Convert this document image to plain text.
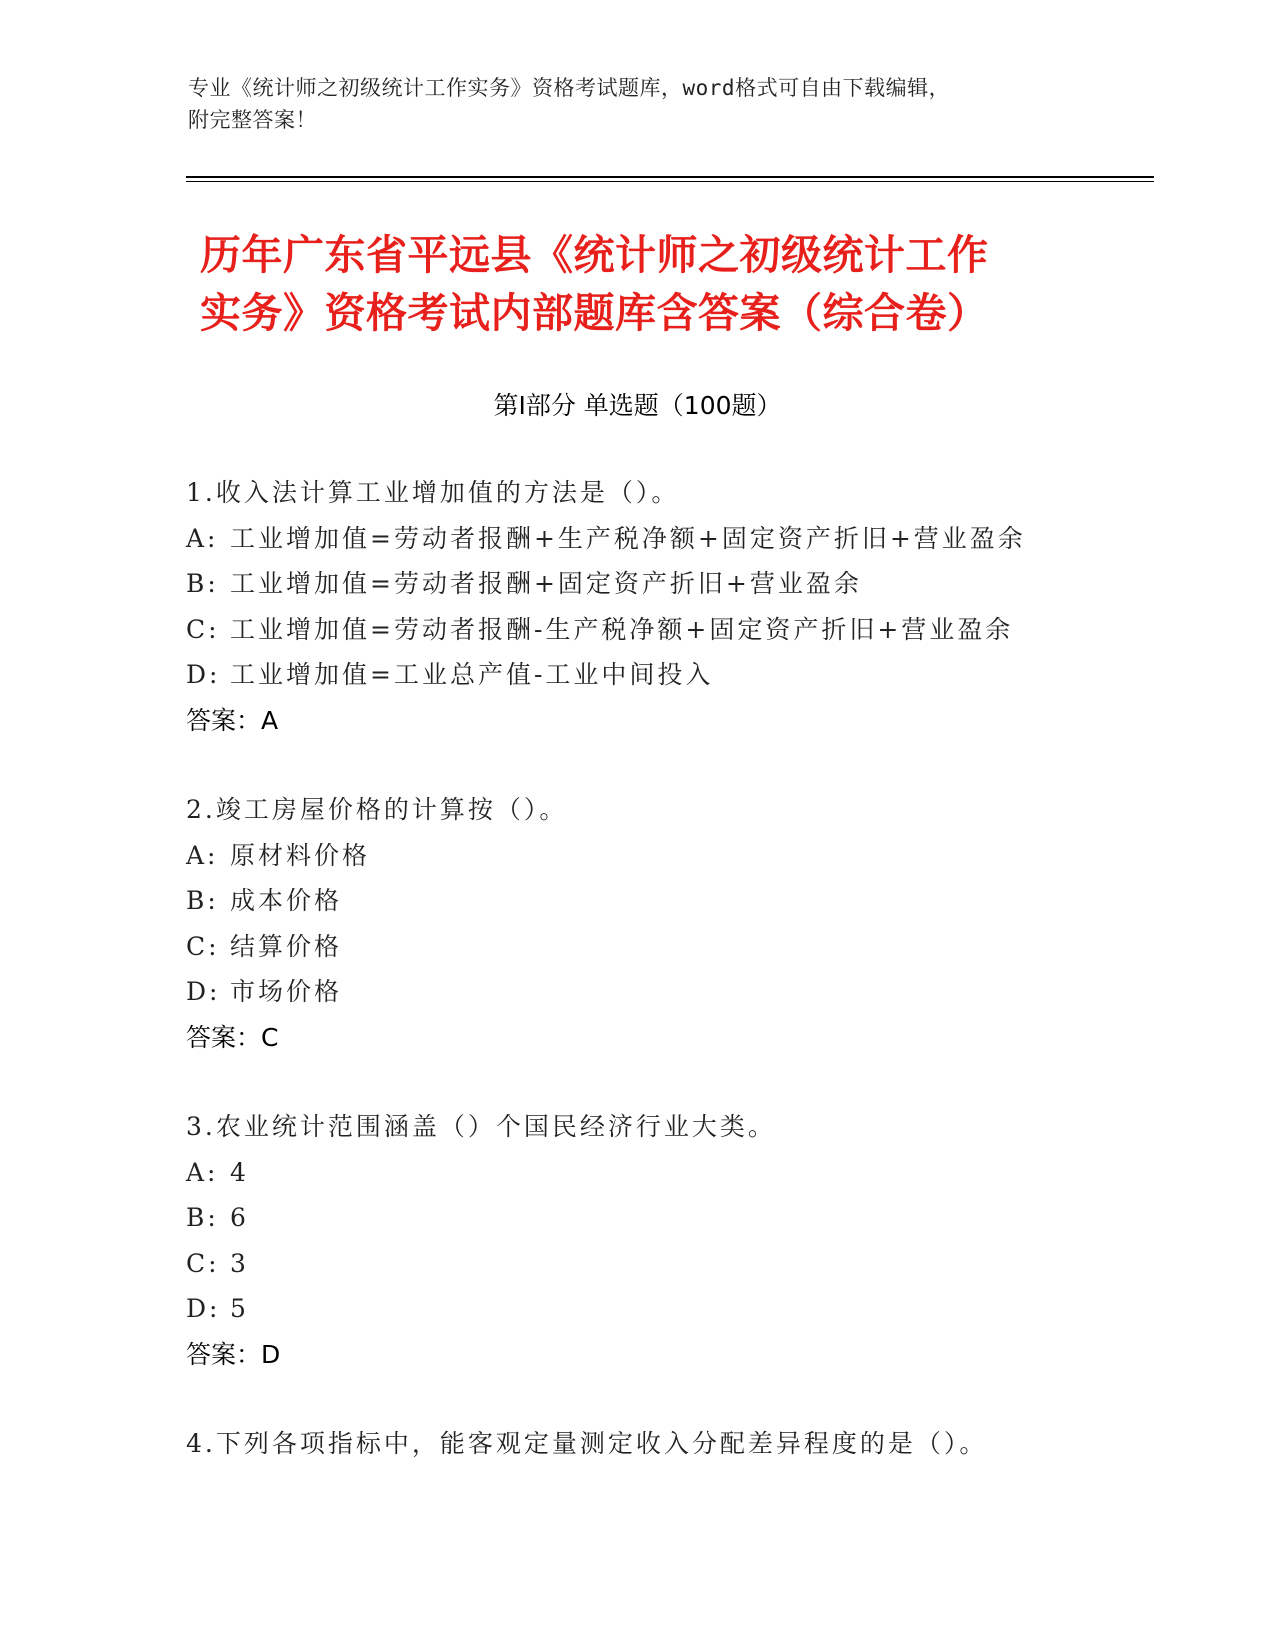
专业《统计师之初级统计工作实务》资格考试题库，word格式可自由下载编辑，
附完整答案！
历年广东省平远县《统计师之初级统计工作
实务》资格考试内部题库含答案（综合卷）
第Ⅰ部分 单选题（100题）
1.收入法计算工业增加值的方法是（）。
A: 工业增加值=劳动者报酬+生产税净额+固定资产折旧+营业盈余
B: 工业增加值=劳动者报酬+固定资产折旧+营业盈余
C: 工业增加值=劳动者报酬-生产税净额+固定资产折旧+营业盈余
D: 工业增加值=工业总产值-工业中间投入
答案：A
2.竣工房屋价格的计算按（）。
A: 原材料价格
B: 成本价格
C: 结算价格
D: 市场价格
答案：C
3.农业统计范围涵盖（）个国民经济行业大类。
A: 4
B: 6
C: 3
D: 5
答案：D
4.下列各项指标中，能客观定量测定收入分配差异程度的是（）。
